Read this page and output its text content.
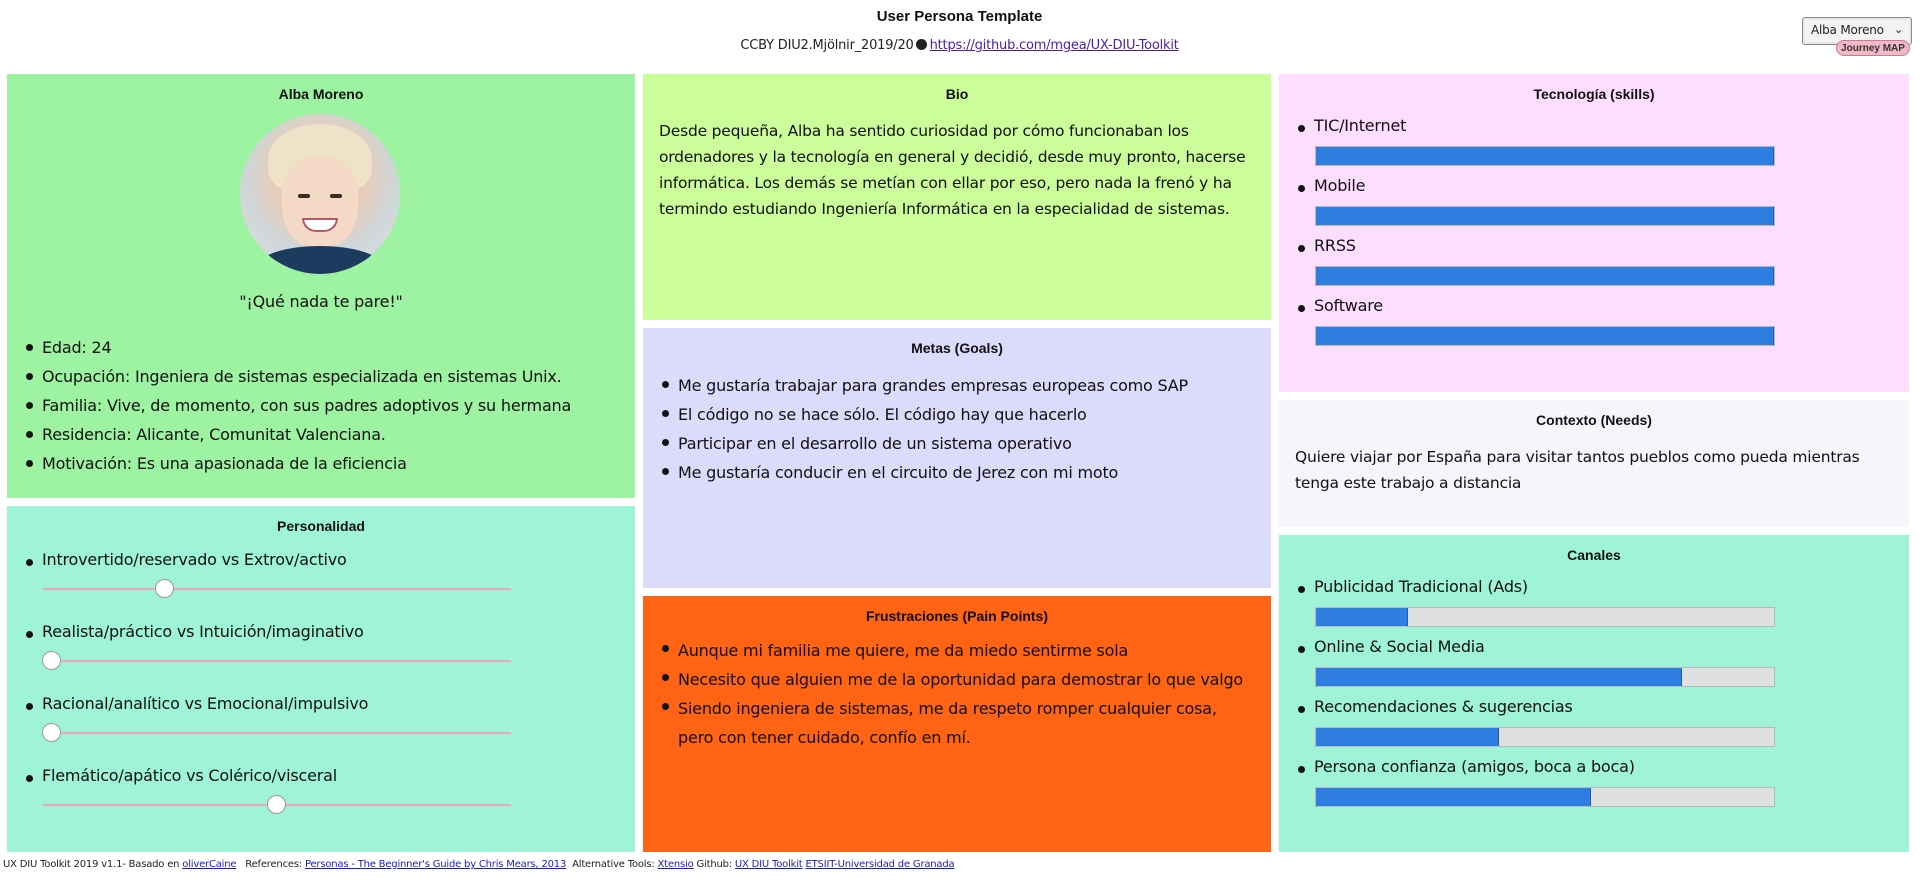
User Persona Template
CCBY DIU2.Mjölnir_2019/20 https://github.com/mgea/UX-DIU-Toolkit
Alba Moreno ⌄
Journey MAP
Alba Moreno
"¡Qué nada te pare!"
Edad: 24
Ocupación: Ingeniera de sistemas especializada en sistemas Unix.
Familia: Vive, de momento, con sus padres adoptivos y su hermana
Residencia: Alicante, Comunitat Valenciana.
Motivación: Es una apasionada de la eficiencia
Personalidad
Introvertido/reservado vs Extrov/activo
Realista/práctico vs Intuición/imaginativo
Racional/analítico vs Emocional/impulsivo
Flemático/apático vs Colérico/visceral
Bio
Desde pequeña, Alba ha sentido curiosidad por cómo funcionaban los ordenadores y la tecnología en general y decidió, desde muy pronto, hacerse informática. Los demás se metían con ellar por eso, pero nada la frenó y ha termindo estudiando Ingeniería Informática en la especialidad de sistemas.
Metas (Goals)
Me gustaría trabajar para grandes empresas europeas como SAP
El código no se hace sólo. El código hay que hacerlo
Participar en el desarrollo de un sistema operativo
Me gustaría conducir en el circuito de Jerez con mi moto
Frustraciones (Pain Points)
Aunque mi familia me quiere, me da miedo sentirme sola
Necesito que alguien me de la oportunidad para demostrar lo que valgo
Siendo ingeniera de sistemas, me da respeto romper cualquier cosa, pero con tener cuidado, confío en mí.
Tecnología (skills)
TIC/Internet
Mobile
RRSS
Software
Contexto (Needs)
Quiere viajar por España para visitar tantos pueblos como pueda mientras tenga este trabajo a distancia
Canales
Publicidad Tradicional (Ads)
Online & Social Media
Recomendaciones & sugerencias
Persona confianza (amigos, boca a boca)
UX DIU Toolkit 2019 v1.1- Basado en oliverCaine References: Personas - The Beginner's Guide by Chris Mears, 2013 Alternative Tools: Xtensio Github: UX DIU Toolkit ETSIIT-Universidad de Granada
